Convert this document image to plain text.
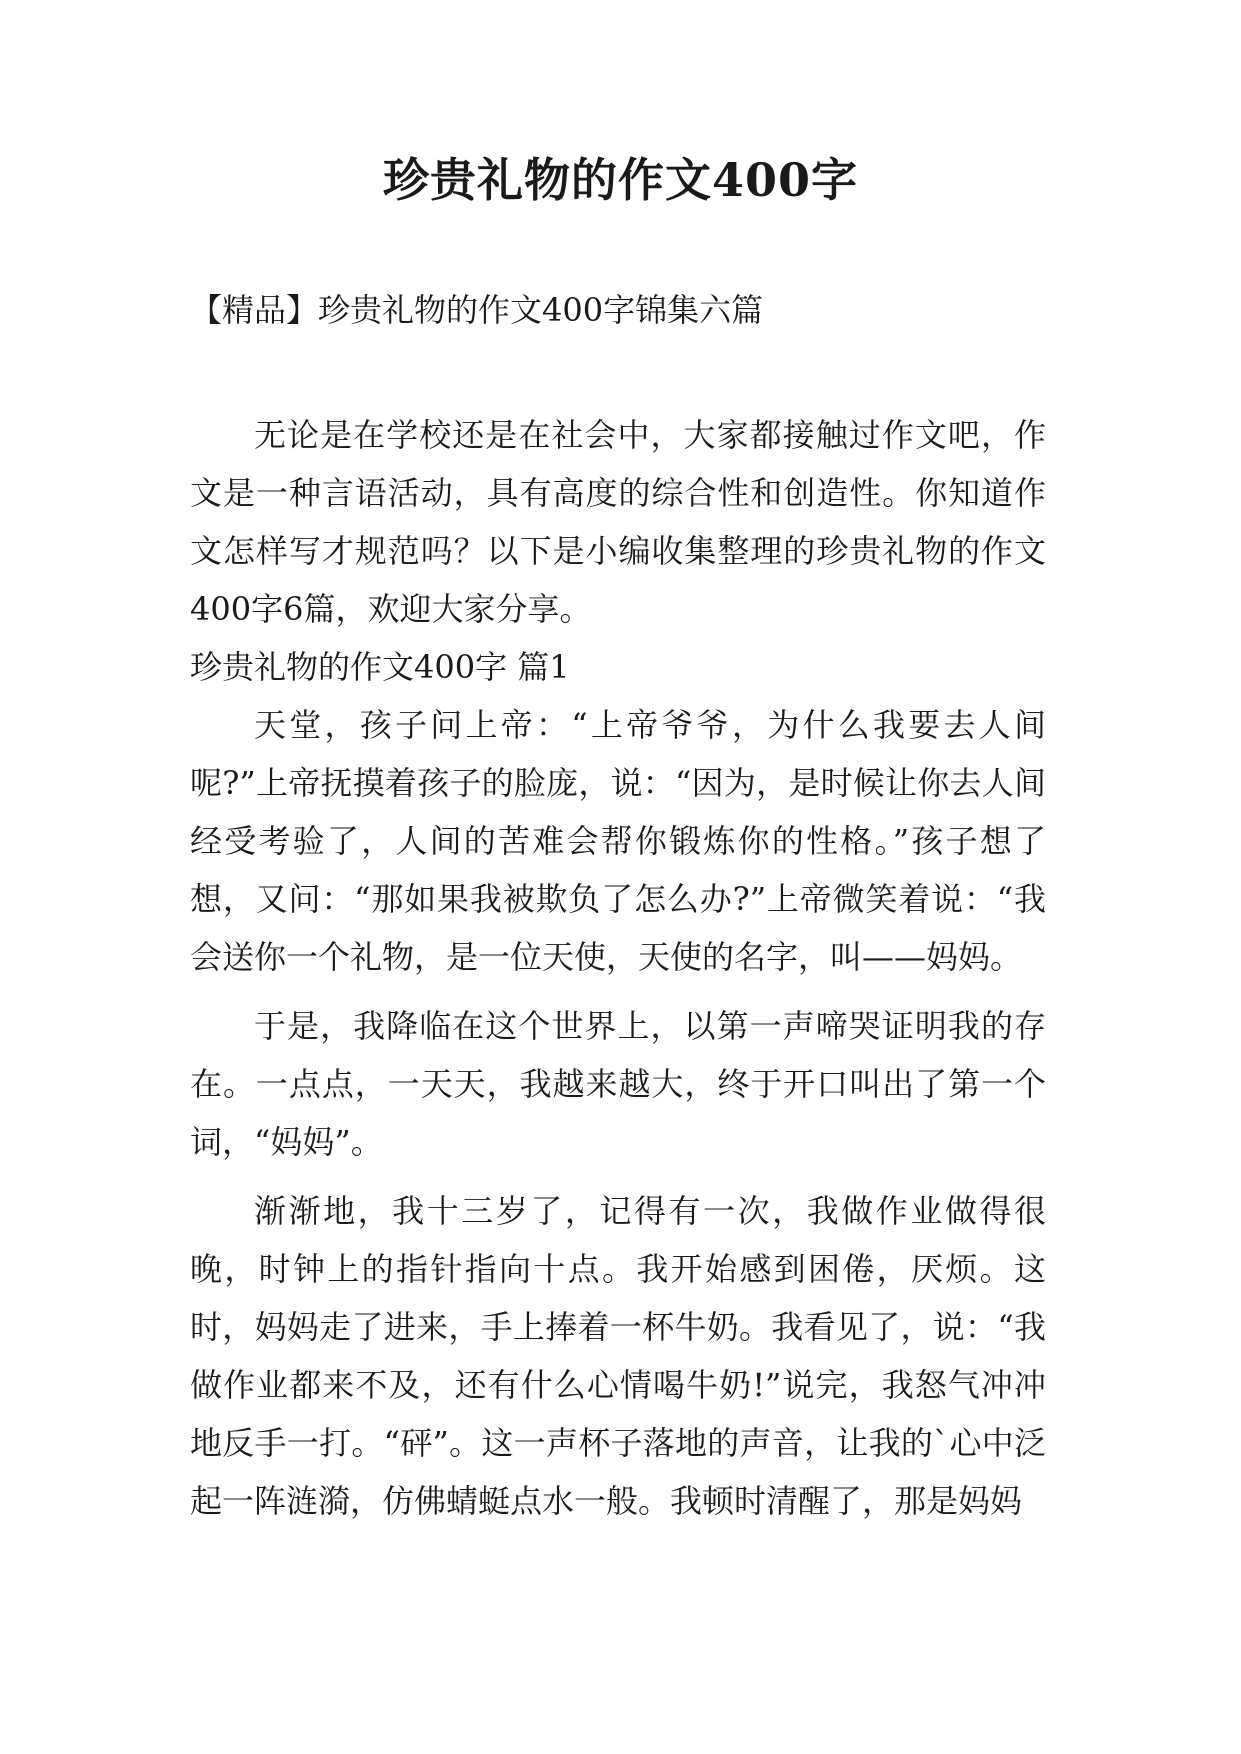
珍贵礼物的作文400字

【精品】珍贵礼物的作文400字锦集六篇

无论是在学校还是在社会中，大家都接触过作文吧，作文是一种言语活动，具有高度的综合性和创造性。你知道作文怎样写才规范吗？以下是小编收集整理的珍贵礼物的作文400字6篇，欢迎大家分享。

珍贵礼物的作文400字 篇1

天堂，孩子问上帝：“上帝爷爷，为什么我要去人间呢?”上帝抚摸着孩子的脸庞，说：“因为，是时候让你去人间经受考验了，人间的苦难会帮你锻炼你的性格。”孩子想了想，又问：“那如果我被欺负了怎么办?”上帝微笑着说：“我会送你一个礼物，是一位天使，天使的名字，叫——妈妈。

于是，我降临在这个世界上，以第一声啼哭证明我的存在。一点点，一天天，我越来越大，终于开口叫出了第一个词，“妈妈”。

渐渐地，我十三岁了，记得有一次，我做作业做得很晚，时钟上的指针指向十点。我开始感到困倦，厌烦。这时，妈妈走了进来，手上捧着一杯牛奶。我看见了，说：“我做作业都来不及，还有什么心情喝牛奶!”说完，我怒气冲冲地反手一打。“砰”。这一声杯子落地的声音，让我的`心中泛起一阵涟漪，仿佛蜻蜓点水一般。我顿时清醒了，那是妈妈
